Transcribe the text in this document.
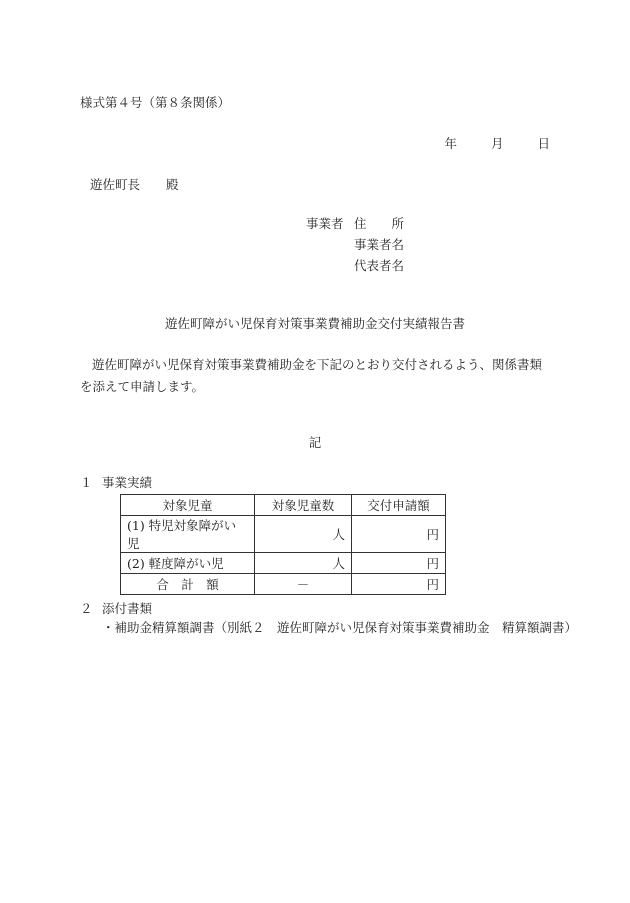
様式第４号（第８条関係）
年	月	日
遊佐町長 殿
事業者 住　　所
事業者名
代表者名
遊佐町障がい児保育対策事業費補助金交付実績報告書
遊佐町障がい児保育対策事業費補助金を下記のとおり交付されるよう、関係書類を添えて申請します。
記
１ 事業実績
対象児童	対象児童数	交付申請額
(1) 特児対象障がい児	人	円
(2) 軽度障がい児	人	円
合　計　額	－	円
２ 添付書類
・補助金精算額調書（別紙２　遊佐町障がい児保育対策事業費補助金　精算額調書）
